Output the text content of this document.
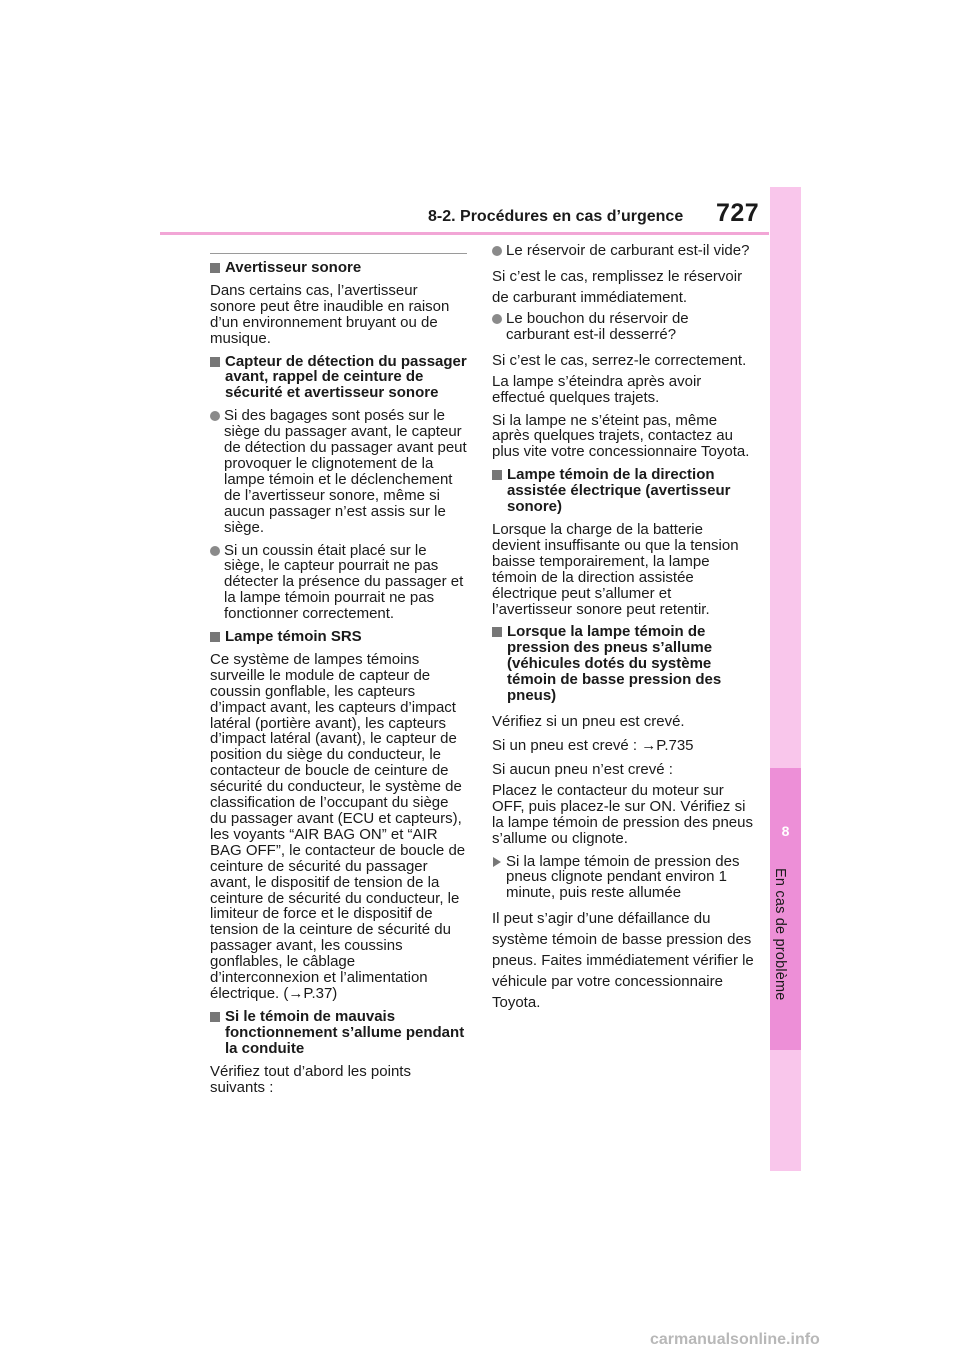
8-2. Procédures en cas d’urgence 727
En cas de problème
8
Avertisseur sonore
Dans certains cas, l’avertisseur sonore peut être inaudible en raison d’un environnement bruyant ou de musique.
Capteur de détection du passager avant, rappel de ceinture de sécurité et avertisseur sonore
Si des bagages sont posés sur le siège du passager avant, le capteur de détection du passager avant peut provoquer le clignotement de la lampe témoin et le déclenchement de l’avertisseur sonore, même si aucun passager n’est assis sur le siège.
Si un coussin était placé sur le siège, le capteur pourrait ne pas détecter la présence du passager et la lampe témoin pourrait ne pas fonctionner correctement.
Lampe témoin SRS
Ce système de lampes témoins surveille le module de capteur de coussin gonflable, les capteurs d’impact avant, les capteurs d’impact latéral (portière avant), les capteurs d’impact latéral (avant), le capteur de position du siège du conducteur, le contacteur de boucle de ceinture de sécurité du conducteur, le système de classification de l’occupant du siège du passager avant (ECU et capteurs), les voyants “AIR BAG ON” et “AIR BAG OFF”, le contacteur de boucle de ceinture de sécurité du passager avant, le dispositif de tension de la ceinture de sécurité du conducteur, le limiteur de force et le dispositif de tension de la ceinture de sécurité du passager avant, les coussins gonflables, le câblage d’interconnexion et l’alimentation électrique. (→P.37)
Si le témoin de mauvais fonctionnement s’allume pendant la conduite
Vérifiez tout d’abord les points suivants :
Le réservoir de carburant est-il vide?
Si c’est le cas, remplissez le réservoir de carburant immédiatement.
Le bouchon du réservoir de carburant est-il desserré?
Si c’est le cas, serrez-le correctement.
La lampe s’éteindra après avoir effectué quelques trajets.
Si la lampe ne s’éteint pas, même après quelques trajets, contactez au plus vite votre concessionnaire Toyota.
Lampe témoin de la direction assistée électrique (avertisseur sonore)
Lorsque la charge de la batterie devient insuffisante ou que la tension baisse temporairement, la lampe témoin de la direction assistée électrique peut s’allumer et l’avertisseur sonore peut retentir.
Lorsque la lampe témoin de pression des pneus s’allume (véhicules dotés du système témoin de basse pression des pneus)
Vérifiez si un pneu est crevé.
Si un pneu est crevé : →P.735
Si aucun pneu n’est crevé :
Placez le contacteur du moteur sur OFF, puis placez-le sur ON. Vérifiez si la lampe témoin de pression des pneus s’allume ou clignote.
Si la lampe témoin de pression des pneus clignote pendant environ 1 minute, puis reste allumée
Il peut s’agir d’une défaillance du système témoin de basse pression des pneus. Faites immédiatement vérifier le véhicule par votre concessionnaire Toyota.
carmanualsonline.info
